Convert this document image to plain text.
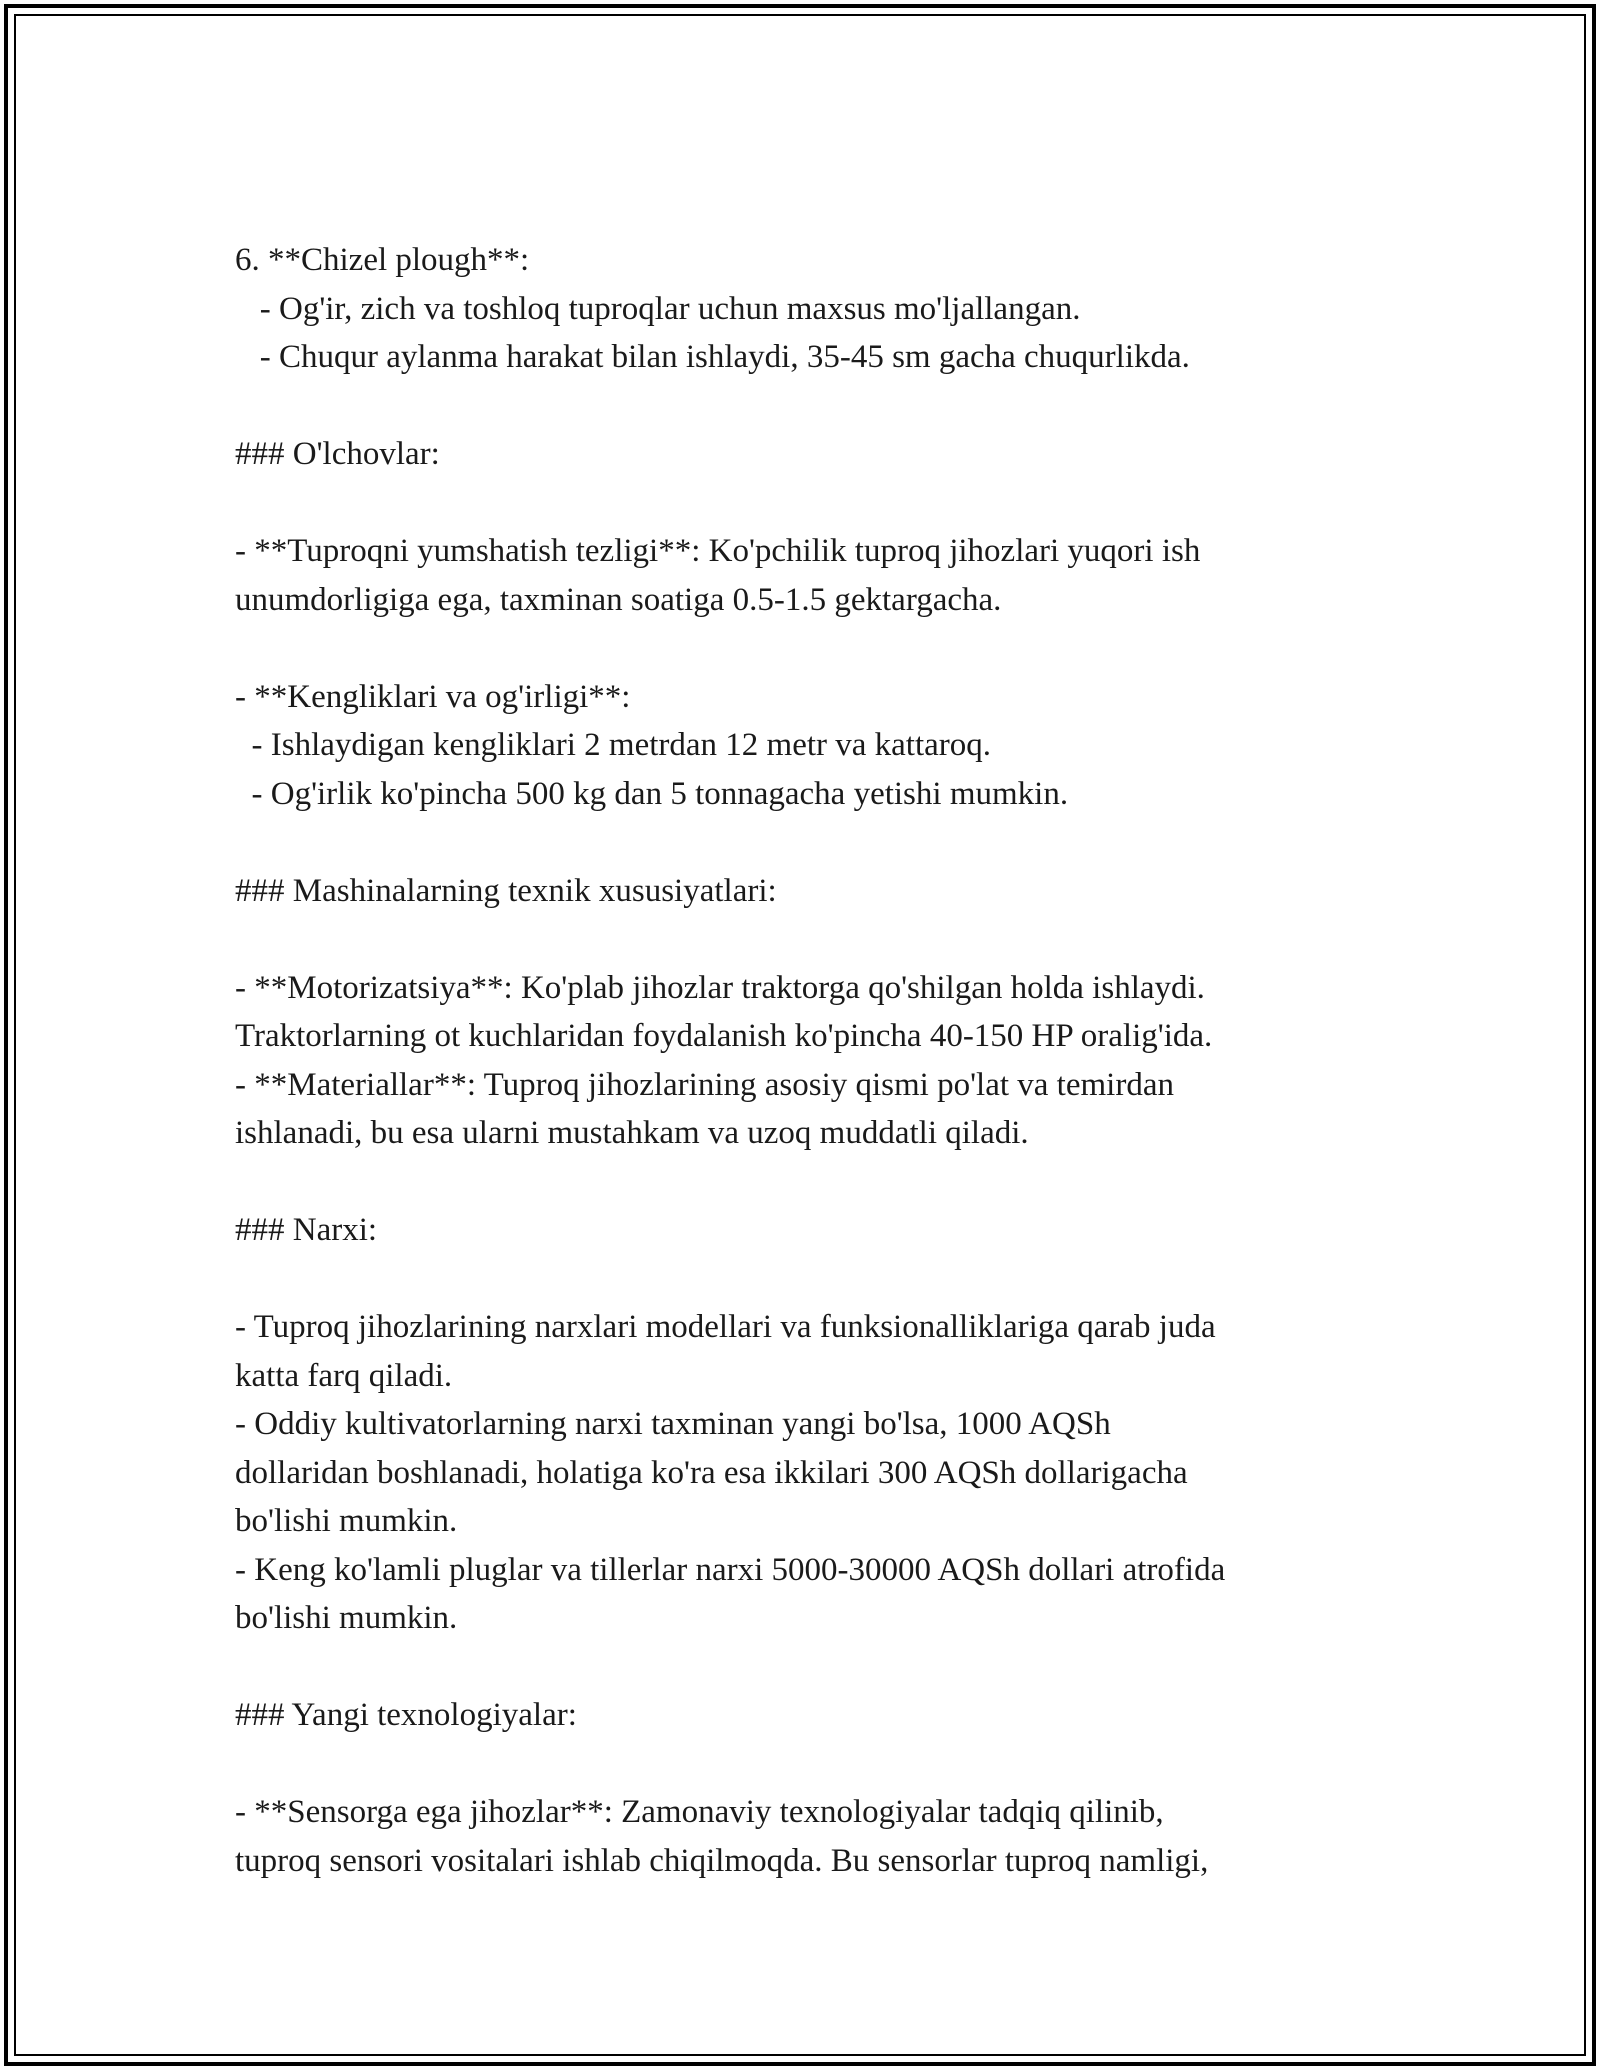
6. **Chizel plough**:
- Og'ir, zich va toshloq tuproqlar uchun maxsus mo'ljallangan.
- Chuqur aylanma harakat bilan ishlaydi, 35-45 sm gacha chuqurlikda.
### O'lchovlar:
- **Tuproqni yumshatish tezligi**: Ko'pchilik tuproq jihozlari yuqori ish
unumdorligiga ega, taxminan soatiga 0.5-1.5 gektargacha.
- **Kengliklari va og'irligi**:
- Ishlaydigan kengliklari 2 metrdan 12 metr va kattaroq.
- Og'irlik ko'pincha 500 kg dan 5 tonnagacha yetishi mumkin.
### Mashinalarning texnik xususiyatlari:
- **Motorizatsiya**: Ko'plab jihozlar traktorga qo'shilgan holda ishlaydi.
Traktorlarning ot kuchlaridan foydalanish ko'pincha 40-150 HP oralig'ida.
- **Materiallar**: Tuproq jihozlarining asosiy qismi po'lat va temirdan
ishlanadi, bu esa ularni mustahkam va uzoq muddatli qiladi.
### Narxi:
- Tuproq jihozlarining narxlari modellari va funksionalliklariga qarab juda
katta farq qiladi.
- Oddiy kultivatorlarning narxi taxminan yangi bo'lsa, 1000 AQSh
dollaridan boshlanadi, holatiga ko'ra esa ikkilari 300 AQSh dollarigacha
bo'lishi mumkin.
- Keng ko'lamli pluglar va tillerlar narxi 5000-30000 AQSh dollari atrofida
bo'lishi mumkin.
### Yangi texnologiyalar:
- **Sensorga ega jihozlar**: Zamonaviy texnologiyalar tadqiq qilinib,
tuproq sensori vositalari ishlab chiqilmoqda. Bu sensorlar tuproq namligi,
